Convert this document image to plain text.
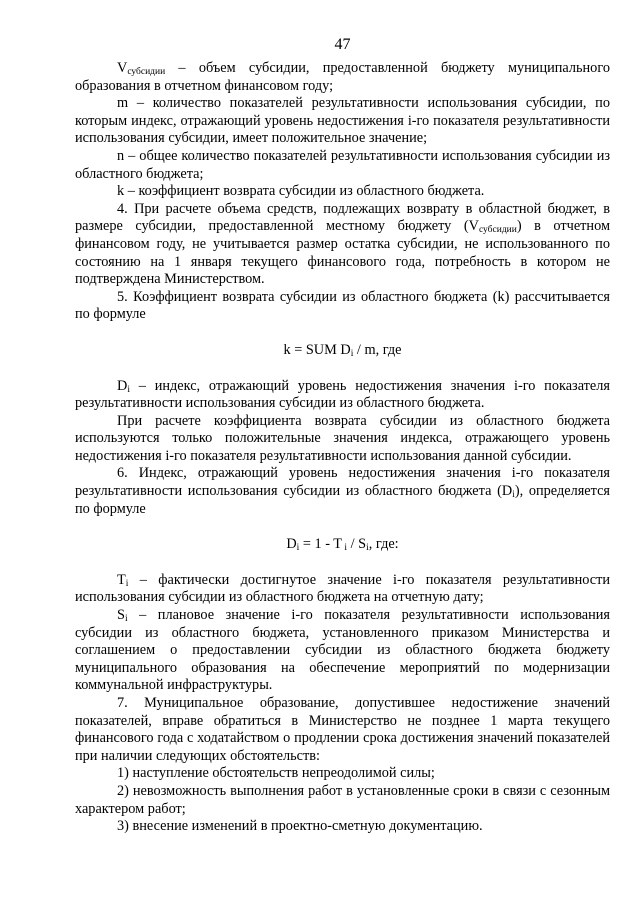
47

$V_{субсидии}$ – объем субсидии, предоставленной бюджету муниципального образования в отчетном финансовом году;

m – количество показателей результативности использования субсидии, по которым индекс, отражающий уровень недостижения i-го показателя результативности использования субсидии, имеет положительное значение;

n – общее количество показателей результативности использования субсидии из областного бюджета;

k – коэффициент возврата субсидии из областного бюджета.

4. При расчете объема средств, подлежащих возврату в областной бюджет, в размере субсидии, предоставленной местному бюджету $(V_{субсидии})$ в отчетном финансовом году, не учитывается размер остатка субсидии, не использованного по состоянию на 1 января текущего финансового года, потребность в котором не подтверждена Министерством.

5. Коэффициент возврата субсидии из областного бюджета (k) рассчитывается по формуле

k = SUM $D_i$ / m, где

$D_i$ – индекс, отражающий уровень недостижения значения i-го показателя результативности использования субсидии из областного бюджета.

При расчете коэффициента возврата субсидии из областного бюджета используются только положительные значения индекса, отражающего уровень недостижения i-го показателя результативности использования данной субсидии.

6. Индекс, отражающий уровень недостижения значения i-го показателя результативности использования субсидии из областного бюджета $(D_i)$, определяется по формуле

$D_i = 1 - T$ $_i / S_i$, где:

$T_i$ – фактически достигнутое значение i-го показателя результативности использования субсидии из областного бюджета на отчетную дату;

$S_i$ – плановое значение i-го показателя результативности использования субсидии из областного бюджета, установленного приказом Министерства и соглашением о предоставлении субсидии из областного бюджета бюджету муниципального образования на обеспечение мероприятий по модернизации коммунальной инфраструктуры.

7. Муниципальное образование, допустившее недостижение значений показателей, вправе обратиться в Министерство не позднее 1 марта текущего финансового года с ходатайством о продлении срока достижения значений показателей при наличии следующих обстоятельств:

1) наступление обстоятельств непреодолимой силы;

2) невозможность выполнения работ в установленные сроки в связи с сезонным характером работ;

3) внесение изменений в проектно-сметную документацию.
